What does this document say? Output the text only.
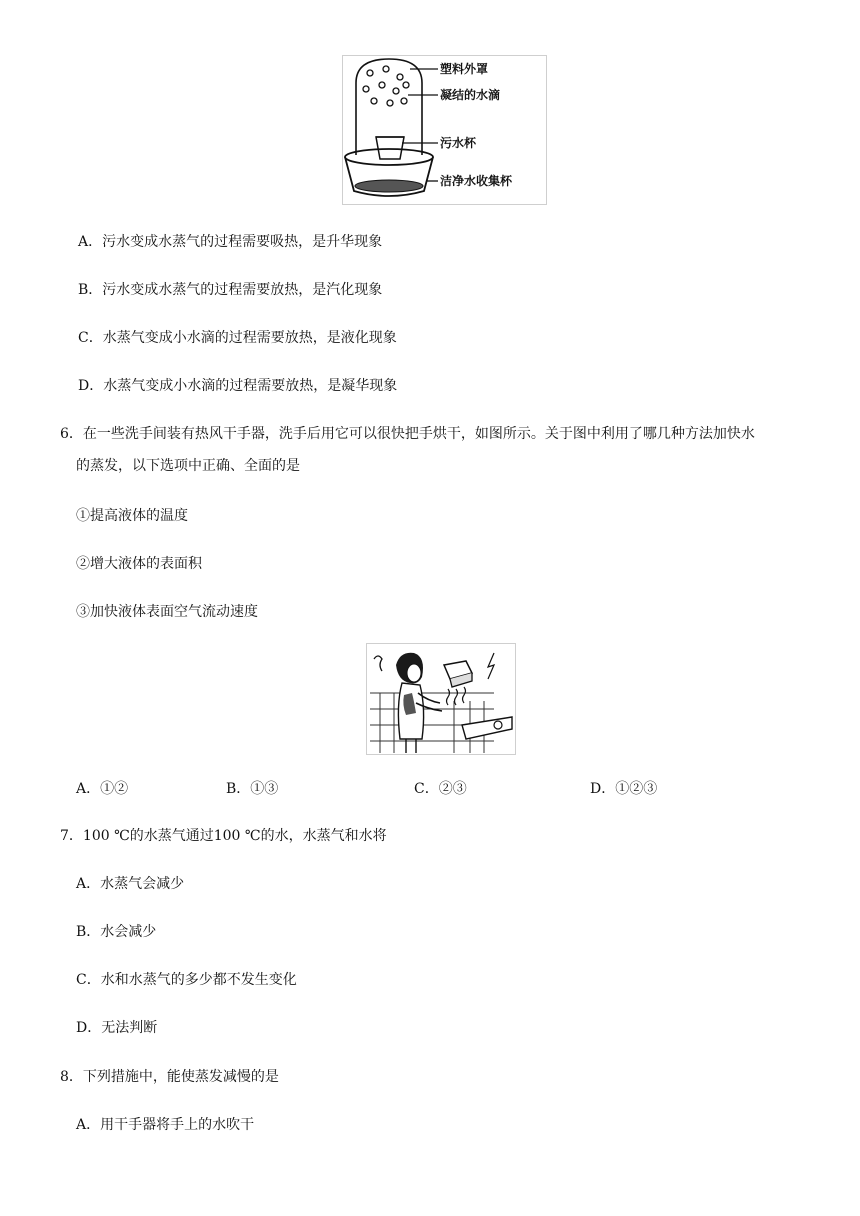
塑料外罩
凝结的水滴
污水杯
洁净水收集杯
A．污水变成水蒸气的过程需要吸热，是升华现象
B．污水变成水蒸气的过程需要放热，是汽化现象
C．水蒸气变成小水滴的过程需要放热，是液化现象
D．水蒸气变成小水滴的过程需要放热，是凝华现象
6．在一些洗手间装有热风干手器，洗手后用它可以很快把手烘干，如图所示。关于图中利用了哪几种方法加快水
的蒸发，以下选项中正确、全面的是
①提高液体的温度
②增大液体的表面积
③加快液体表面空气流动速度
A．①②	B．①③	C．②③	D．①②③
7．100 ℃的水蒸气通过100 ℃的水，水蒸气和水将
A．水蒸气会减少
B．水会减少
C．水和水蒸气的多少都不发生变化
D．无法判断
8．下列措施中，能使蒸发减慢的是
A．用干手器将手上的水吹干
